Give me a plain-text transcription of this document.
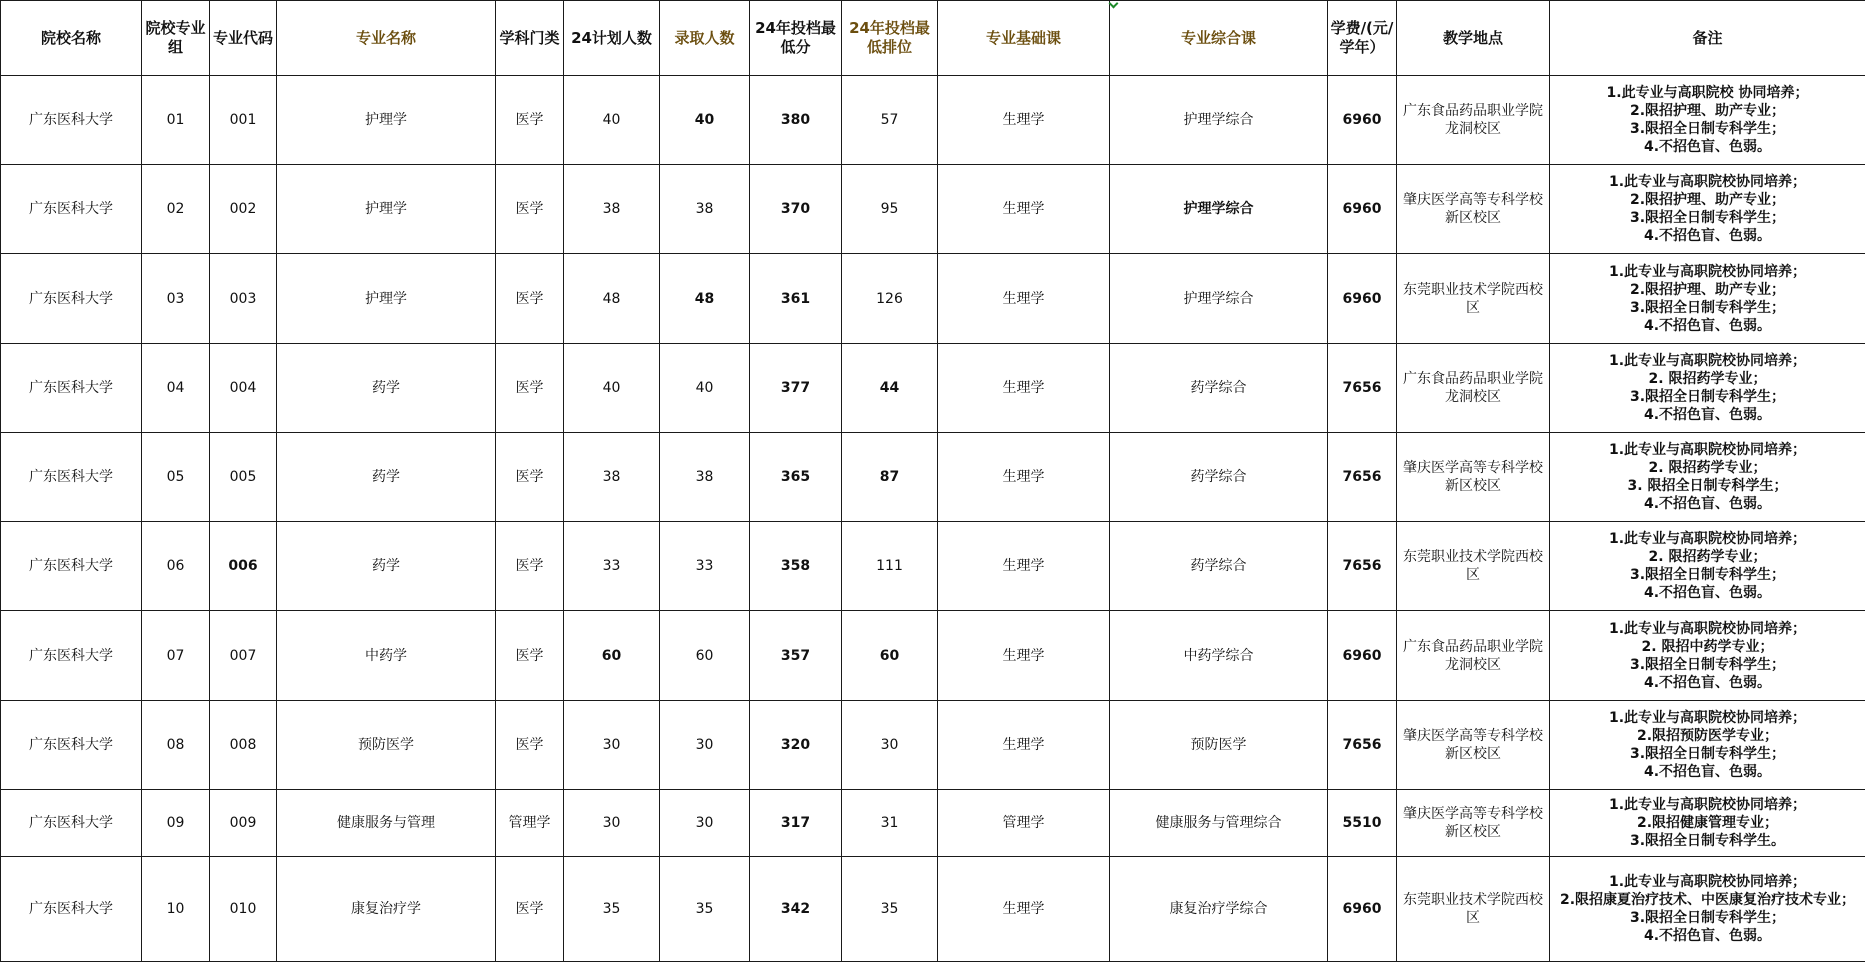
院校名称	院校专业组	专业代码	专业名称	学科门类	24计划人数	录取人数	24年投档最低分	24年投档最低排位	专业基础课	专业综合课	学费/(元/学年）	教学地点	备注
广东医科大学	01	001	护理学	医学	40	40	380	57	生理学	护理学综合	6960	广东食品药品职业学院龙洞校区	1.此专业与高职院校 协同培养；
2.限招护理、助产专业；
3.限招全日制专科学生；
4.不招色盲、色弱。

广东医科大学	02	002	护理学	医学	38	38	370	95	生理学	护理学综合	6960	肇庆医学高等专科学校新区校区	1.此专业与高职院校协同培养；
2.限招护理、助产专业；
3.限招全日制专科学生；
4.不招色盲、色弱。

广东医科大学	03	003	护理学	医学	48	48	361	126	生理学	护理学综合	6960	东莞职业技术学院西校区	1.此专业与高职院校协同培养；
2.限招护理、助产专业；
3.限招全日制专科学生；
4.不招色盲、色弱。

广东医科大学	04	004	药学	医学	40	40	377	44	生理学	药学综合	7656	广东食品药品职业学院龙洞校区	1.此专业与高职院校协同培养；
2. 限招药学专业；
3.限招全日制专科学生；
4.不招色盲、色弱。

广东医科大学	05	005	药学	医学	38	38	365	87	生理学	药学综合	7656	肇庆医学高等专科学校新区校区	1.此专业与高职院校协同培养；
2. 限招药学专业；
3. 限招全日制专科学生；
4.不招色盲、色弱。

广东医科大学	06	006	药学	医学	33	33	358	111	生理学	药学综合	7656	东莞职业技术学院西校区	1.此专业与高职院校协同培养；
2. 限招药学专业；
3.限招全日制专科学生；
4.不招色盲、色弱。

广东医科大学	07	007	中药学	医学	60	60	357	60	生理学	中药学综合	6960	广东食品药品职业学院龙洞校区	1.此专业与高职院校协同培养；
2. 限招中药学专业；
3.限招全日制专科学生；
4.不招色盲、色弱。

广东医科大学	08	008	预防医学	医学	30	30	320	30	生理学	预防医学	7656	肇庆医学高等专科学校新区校区	1.此专业与高职院校协同培养；
2.限招预防医学专业；
3.限招全日制专科学生；
4.不招色盲、色弱。

广东医科大学	09	009	健康服务与管理	管理学	30	30	317	31	管理学	健康服务与管理综合	5510	肇庆医学高等专科学校新区校区	1.此专业与高职院校协同培养；
2.限招健康管理专业；
3.限招全日制专科学生。

广东医科大学	10	010	康复治疗学	医学	35	35	342	35	生理学	康复治疗学综合	6960	东莞职业技术学院西校区	1.此专业与高职院校协同培养；
2.限招康夏治疗技术、中医康复治疗技术专业；
3.限招全日制专科学生；
4.不招色盲、色弱。
